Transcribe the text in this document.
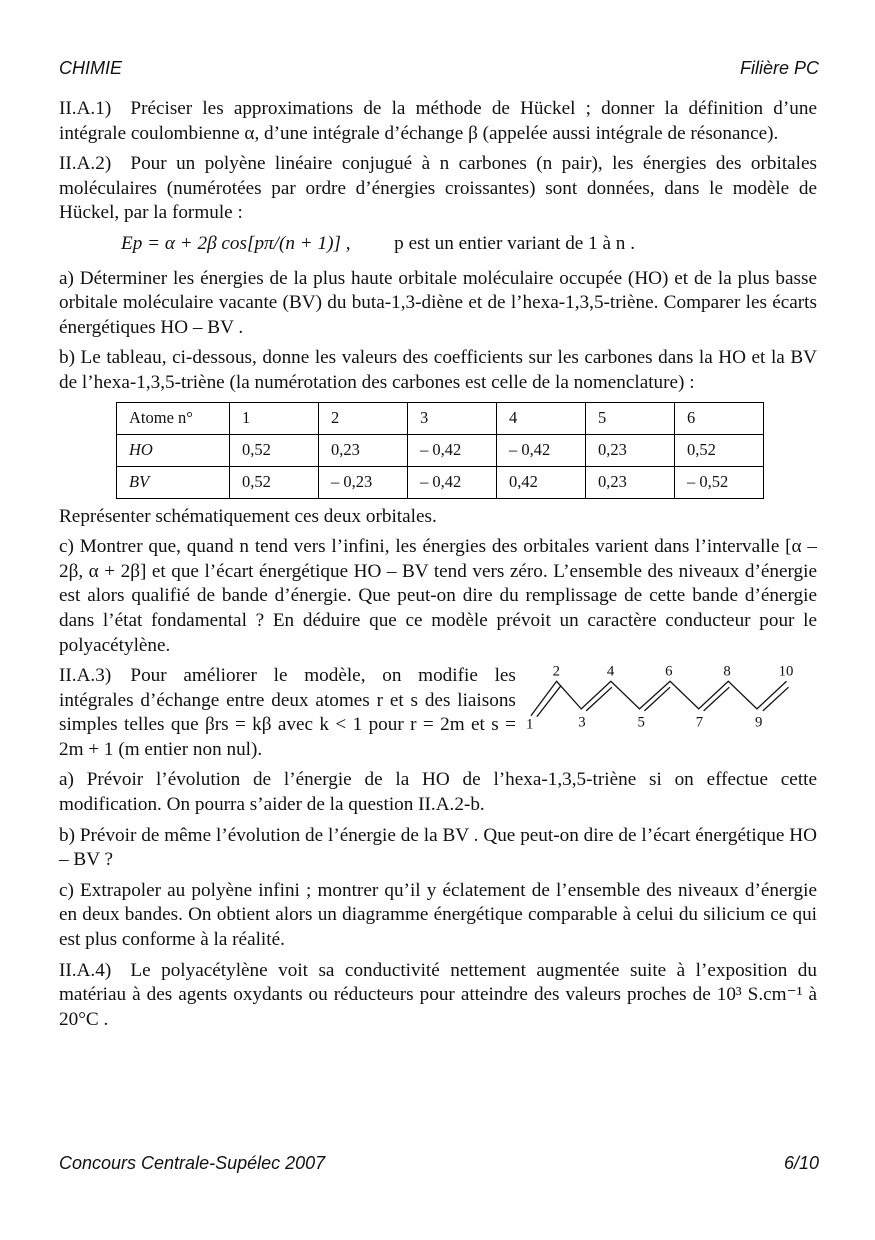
CHIMIE	Filière PC

II.A.1) Préciser les approximations de la méthode de Hückel ; donner la définition d’une intégrale coulombienne α, d’une intégrale d’échange β (appelée aussi intégrale de résonance).

II.A.2) Pour un polyène linéaire conjugué à n carbones (n pair), les énergies des orbitales moléculaires (numérotées par ordre d’énergies croissantes) sont données, dans le modèle de Hückel, par la formule :

Ep = α + 2β cos[pπ/(n + 1)] , p est un entier variant de 1 à n .

a) Déterminer les énergies de la plus haute orbitale moléculaire occupée (HO) et de la plus basse orbitale moléculaire vacante (BV) du buta-1,3-diène et de l’hexa-1,3,5-triène. Comparer les écarts énergétiques HO – BV .

b) Le tableau, ci-dessous, donne les valeurs des coefficients sur les carbones dans la HO et la BV de l’hexa-1,3,5-triène (la numérotation des carbones est celle de la nomenclature) :

Atome n°	1	2	3	4	5	6
HO	0,52	0,23	– 0,42	– 0,42	0,23	0,52
BV	0,52	– 0,23	– 0,42	0,42	0,23	– 0,52

Représenter schématiquement ces deux orbitales.

c) Montrer que, quand n tend vers l’infini, les énergies des orbitales varient dans l’intervalle [α – 2β, α + 2β] et que l’écart énergétique HO – BV tend vers zéro. L’ensemble des niveaux d’énergie est alors qualifié de bande d’énergie. Que peut-on dire du remplissage de cette bande d’énergie dans l’état fondamental ? En déduire que ce modèle prévoit un caractère conducteur pour le polyacétylène.

II.A.3) Pour améliorer le modèle, on modifie les intégrales d’échange entre deux atomes r et s des liaisons simples telles que βrs = kβ avec k < 1 pour r = 2m et s = 2m + 1 (m entier non nul).

2	4	6	8	10
1	3	5	7	9

a) Prévoir l’évolution de l’énergie de la HO de l’hexa-1,3,5-triène si on effectue cette modification. On pourra s’aider de la question II.A.2-b.

b) Prévoir de même l’évolution de l’énergie de la BV . Que peut-on dire de l’écart énergétique HO – BV ?

c) Extrapoler au polyène infini ; montrer qu’il y éclatement de l’ensemble des niveaux d’énergie en deux bandes. On obtient alors un diagramme énergétique comparable à celui du silicium ce qui est plus conforme à la réalité.

II.A.4) Le polyacétylène voit sa conductivité nettement augmentée suite à l’exposition du matériau à des agents oxydants ou réducteurs pour atteindre des valeurs proches de 10³ S.cm⁻¹ à 20°C .

Concours Centrale-Supélec 2007	6/10
